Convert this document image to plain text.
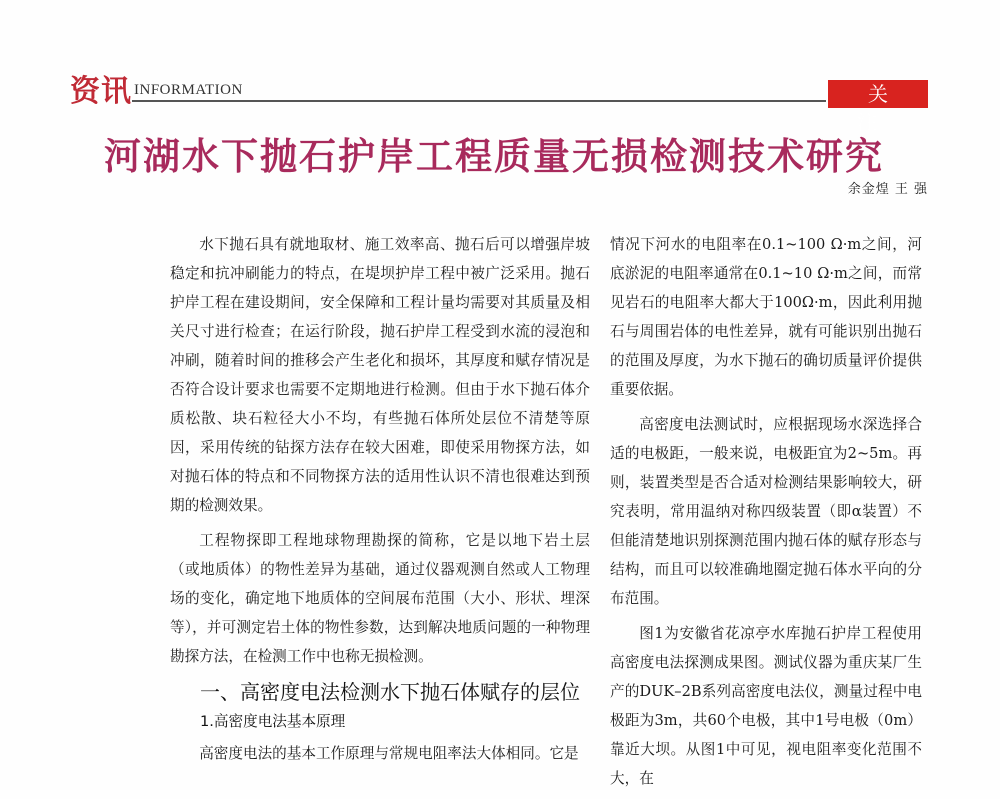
资讯 INFORMATION	关注
河湖水下抛石护岸工程质量无损检测技术研究
余金煌 王 强

水下抛石具有就地取材、施工效率高、抛石后可以增强岸坡稳定和抗冲刷能力的特点，在堤坝护岸工程中被广泛采用。抛石护岸工程在建设期间，安全保障和工程计量均需要对其质量及相关尺寸进行检查；在运行阶段，抛石护岸工程受到水流的浸泡和冲刷，随着时间的推移会产生老化和损坏，其厚度和赋存情况是否符合设计要求也需要不定期地进行检测。但由于水下抛石体介质松散、块石粒径大小不均，有些抛石体所处层位不清楚等原因，采用传统的钻探方法存在较大困难，即使采用物探方法，如对抛石体的特点和不同物探方法的适用性认识不清也很难达到预期的检测效果。

工程物探即工程地球物理勘探的简称，它是以地下岩土层（或地质体）的物性差异为基础，通过仪器观测自然或人工物理场的变化，确定地下地质体的空间展布范围（大小、形状、埋深等），并可测定岩土体的物性参数，达到解决地质问题的一种物理勘探方法，在检测工作中也称无损检测。

一、高密度电法检测水下抛石体赋存的层位
1.高密度电法基本原理

高密度电法的基本工作原理与常规电阻率法大体相同。它是

情况下河水的电阻率在0.1~100 Ω·m之间，河底淤泥的电阻率通常在0.1~10 Ω·m之间，而常见岩石的电阻率大都大于100Ω·m，因此利用抛石与周围岩体的电性差异，就有可能识别出抛石的范围及厚度，为水下抛石的确切质量评价提供重要依据。

高密度电法测试时，应根据现场水深选择合适的电极距，一般来说，电极距宜为2~5m。再则，装置类型是否合适对检测结果影响较大，研究表明，常用温纳对称四级装置（即α装置）不但能清楚地识别探测范围内抛石体的赋存形态与结构，而且可以较准确地圈定抛石体水平向的分布范围。

图1为安徽省花凉亭水库抛石护岸工程使用高密度电法探测成果图。测试仪器为重庆某厂生产的DUK–2B系列高密度电法仪，测量过程中电极距为3m，共60个电极，其中1号电极（0m）靠近大坝。从图1中可见，视电阻率变化范围不大，在
